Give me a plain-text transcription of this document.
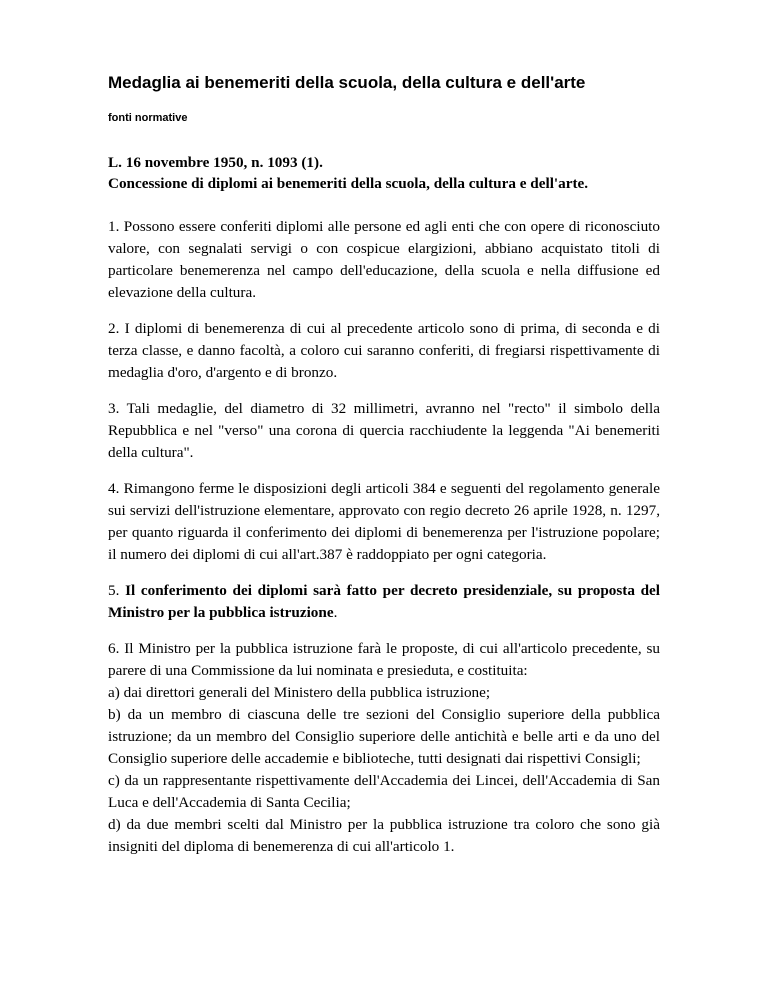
Medaglia ai benemeriti della scuola, della cultura e dell'arte
fonti normative
L. 16 novembre 1950, n. 1093 (1).
Concessione di diplomi ai benemeriti della scuola, della cultura e dell'arte.

1. Possono essere conferiti diplomi alle persone ed agli enti che con opere di riconosciuto valore, con segnalati servigi o con cospicue elargizioni, abbiano acquistato titoli di particolare benemerenza nel campo dell'educazione, della scuola e nella diffusione ed elevazione della cultura.

2. I diplomi di benemerenza di cui al precedente articolo sono di prima, di seconda e di terza classe, e danno facoltà, a coloro cui saranno conferiti, di fregiarsi rispettivamente di medaglia d'oro, d'argento e di bronzo.

3. Tali medaglie, del diametro di 32 millimetri, avranno nel "recto" il simbolo della Repubblica e nel "verso" una corona di quercia racchiudente la leggenda "Ai benemeriti della cultura".

4. Rimangono ferme le disposizioni degli articoli 384 e seguenti del regolamento generale sui servizi dell'istruzione elementare, approvato con regio decreto 26 aprile 1928, n. 1297, per quanto riguarda il conferimento dei diplomi di benemerenza per l'istruzione popolare; il numero dei diplomi di cui all'art.387 è raddoppiato per ogni categoria.

5. Il conferimento dei diplomi sarà fatto per decreto presidenziale, su proposta del Ministro per la pubblica istruzione.

6. Il Ministro per la pubblica istruzione farà le proposte, di cui all'articolo precedente, su parere di una Commissione da lui nominata e presieduta, e costituita:

a) dai direttori generali del Ministero della pubblica istruzione;

b) da un membro di ciascuna delle tre sezioni del Consiglio superiore della pubblica istruzione; da un membro del Consiglio superiore delle antichità e belle arti e da uno del Consiglio superiore delle accademie e biblioteche, tutti designati dai rispettivi Consigli;

c) da un rappresentante rispettivamente dell'Accademia dei Lincei, dell'Accademia di San Luca e dell'Accademia di Santa Cecilia;

d) da due membri scelti dal Ministro per la pubblica istruzione tra coloro che sono già insigniti del diploma di benemerenza di cui all'articolo 1.
